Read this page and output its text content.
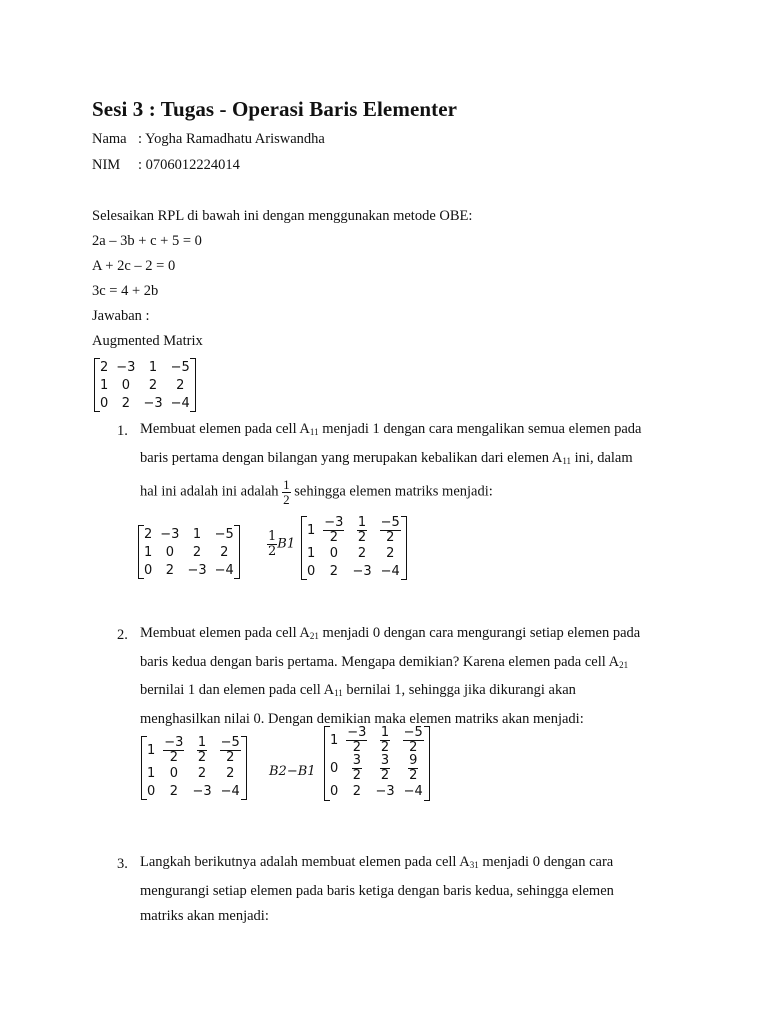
Sesi 3 : Tugas - Operasi Baris Elementer
Nama : Yogha Ramadhatu Ariswandha
NIM : 0706012224014
Selesaikan RPL di bawah ini dengan menggunakan metode OBE:
2a – 3b + c + 5 = 0
A + 2c – 2 = 0
3c = 4 + 2b
Jawaban :
Augmented Matrix
2	−3	1	−5
1	0	2	2
0	2	−3	−4
1. Membuat elemen pada cell $A_{11}$ menjadi 1 dengan cara mengalikan semua elemen pada
baris pertama dengan bilangan yang merupakan kebalikan dari elemen $A_{11}$ ini, dalam
hal ini adalah ini adalah $\frac{1}{2}$ sehingga elemen matriks menjadi:
2	−3	1	−5
1	0	2	2
0	2	−3	−4
$\frac{1}{2} B1$
1	$\frac{-3}{2}$	$\frac{1}{2}$	$\frac{-5}{2}$

1	0	2	2
0	2	−3	−4
2. Membuat elemen pada cell $A_{21}$ menjadi 0 dengan cara mengurangi setiap elemen pada
baris kedua dengan baris pertama. Mengapa demikian? Karena elemen pada cell $A_{21}$
bernilai 1 dan elemen pada cell $A_{11}$ bernilai 1, sehingga jika dikurangi akan
menghasilkan nilai 0. Dengan demikian maka elemen matriks akan menjadi:
1	$\frac{-3}{2}$	$\frac{1}{2}$	$\frac{-5}{2}$

1	0	2	2
0	2	−3	−4
B2−B1
1	$\frac{-3}{2}$	$\frac{1}{2}$	$\frac{-5}{2}$

0	$\frac{3}{2}$	$\frac{3}{2}$	$\frac{9}{2}$

0	2	−3	−4
3. Langkah berikutnya adalah membuat elemen pada cell $A_{31}$ menjadi 0 dengan cara
mengurangi setiap elemen pada baris ketiga dengan baris kedua, sehingga elemen
matriks akan menjadi:
